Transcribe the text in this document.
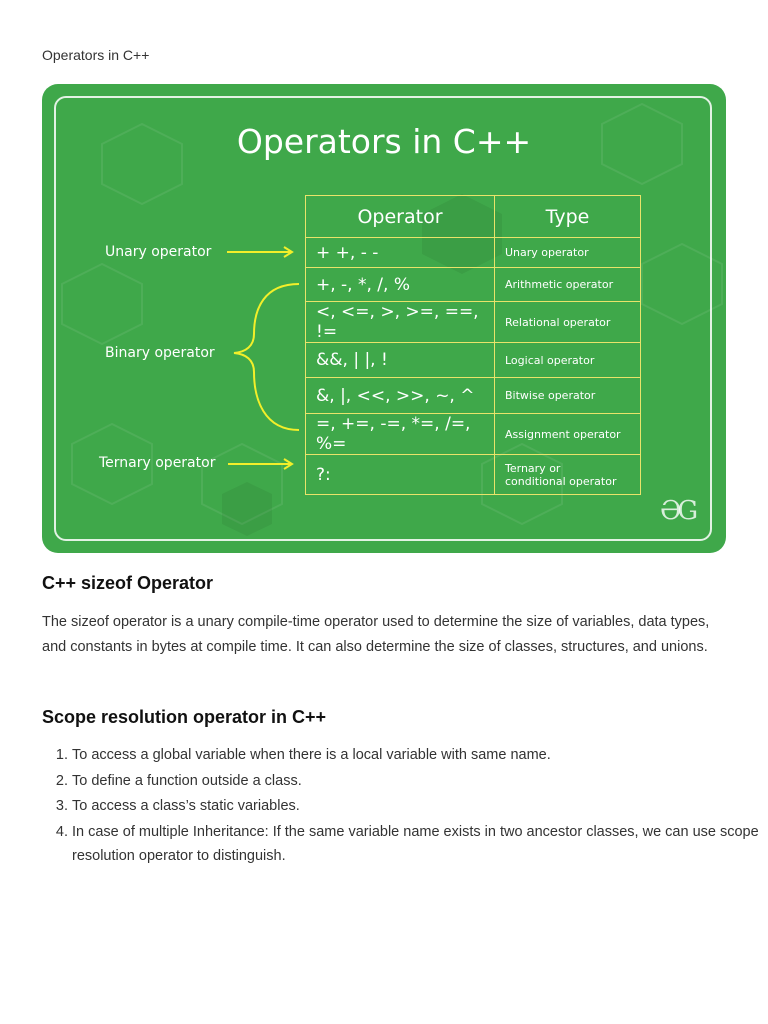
Operators in C++
Operators in C++
Operator	Type
+ +, - -	Unary operator
+, -, *, /, %	Arithmetic operator
<, <=, >, >=, ==, !=	Relational operator
&&, | |, !	Logical operator
&, |, <<, >>, ~, ^	Bitwise operator
=, +=, -=, *=, /=, %=	Assignment operator
?:	Ternary or
conditional operator
Unary operator
Binary operator
Ternary operator
ƏG
C++ sizeof Operator

The sizeof operator is a unary compile-time operator used to determine the size of variables, data types, and constants in bytes at compile time. It can also determine the size of classes, structures, and unions.

Scope resolution operator in C++
1. To access a global variable when there is a local variable with same name.
2. To define a function outside a class.
3. To access a class’s static variables.
4. In case of multiple Inheritance: If the same variable name exists in two ancestor classes, we can use scope resolution operator to distinguish.
